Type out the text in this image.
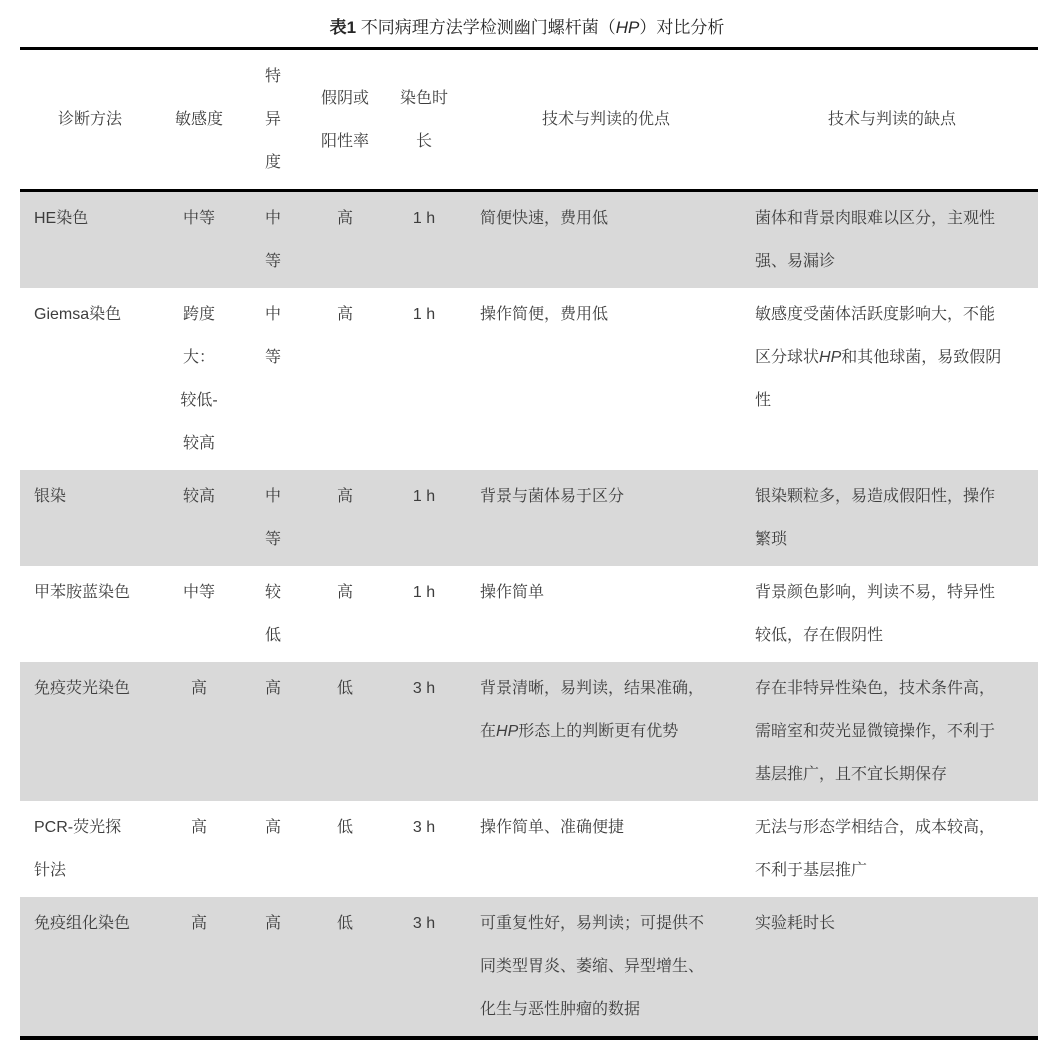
表1 不同病理方法学检测幽门螺杆菌（HP）对比分析
诊断方法	敏感度	特异度	假阴或阳性率	染色时长	技术与判读的优点	技术与判读的缺点
HE染色	中等	中等	高	1 h	简便快速，费用低	菌体和背景肉眼难以区分，主观性强、易漏诊
Giemsa染色	跨度大：较低-较高	中等	高	1 h	操作简便，费用低	敏感度受菌体活跃度影响大，不能区分球状HP和其他球菌，易致假阴性
银染	较高	中等	高	1 h	背景与菌体易于区分	银染颗粒多，易造成假阳性，操作繁琐
甲苯胺蓝染色	中等	较低	高	1 h	操作简单	背景颜色影响，判读不易，特异性较低，存在假阴性
免疫荧光染色	高	高	低	3 h	背景清晰，易判读，结果准确，在HP形态上的判断更有优势	存在非特异性染色，技术条件高，需暗室和荧光显微镜操作，不利于基层推广，且不宜长期保存
PCR-荧光探针法	高	高	低	3 h	操作简单、准确便捷	无法与形态学相结合，成本较高，不利于基层推广
免疫组化染色	高	高	低	3 h	可重复性好，易判读；可提供不同类型胃炎、萎缩、异型增生、化生与恶性肿瘤的数据	实验耗时长
